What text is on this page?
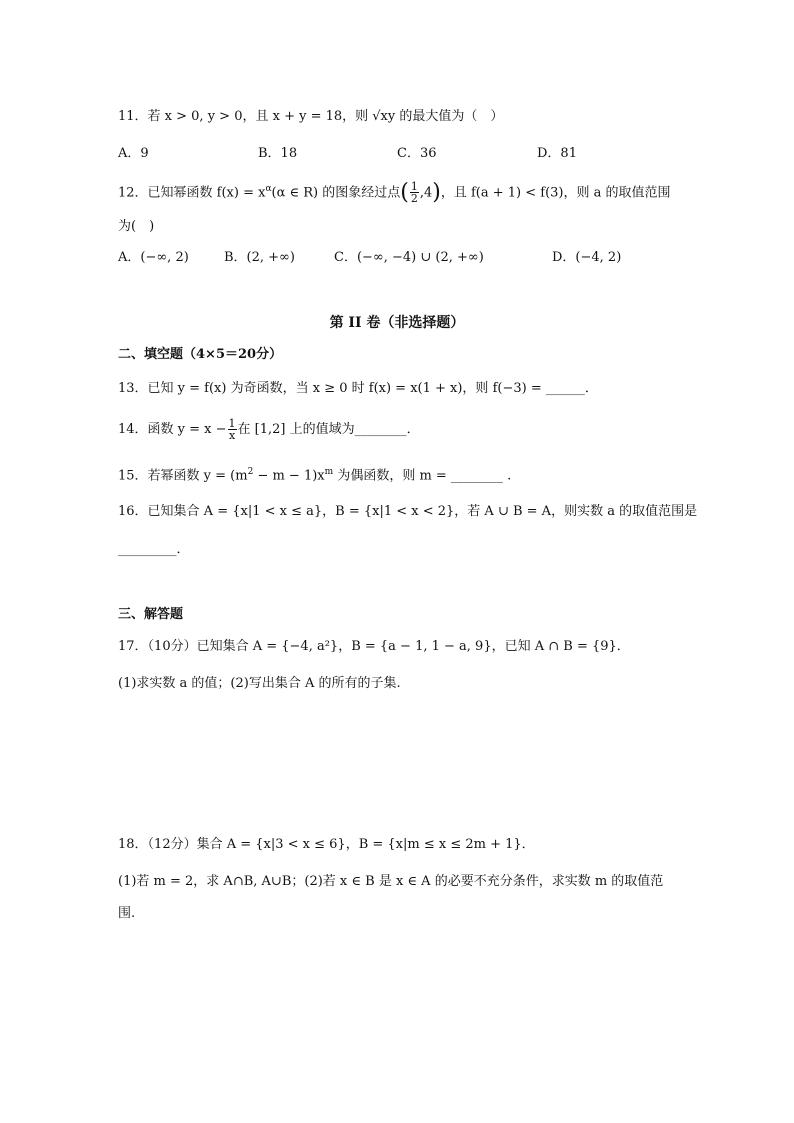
11．若 x > 0, y > 0，且 x + y = 18，则 √xy 的最大值为（　）
A．9	B．18	C．36	D．81
12．已知幂函数 $f(x) = x^\alpha(\alpha$ ∈ R) 的图象经过点( $\frac{1}{2} ,4$)，且 f(a + 1) < f(3)，则 a 的取值范围
为(　)
A．(−∞, 2)	B．(2, +∞)	C．(−∞, −4) ∪ (2, +∞)	D．(−4, 2)
第 II 卷（非选择题）
二、填空题（4×5＝20分）
13．已知 y = f(x) 为奇函数，当 x ≥ 0 时 f(x) = x(1 + x)，则 f(−3) = ______．
14．函数 $y = x - \frac{1}{x}$ 在 [1,2] 上的值域为________．
15．若幂函数 $y = (m^2 - m - 1)x^m$ 为偶函数，则 m = ________ .
16．已知集合 A = {x|1 < x ≤ a}，B = {x|1 < x < 2}，若 A ∪ B = A，则实数 a 的取值范围是
_________．
三、解答题
17．（10分）已知集合 A = {−4, a²}，B = {a − 1, 1 − a, 9}，已知 A ∩ B = {9}．
(1)求实数 a 的值；(2)写出集合 A 的所有的子集.
18．（12分）集合 A = {x|3 < x ≤ 6}，B = {x|m ≤ x ≤ 2m + 1}．
(1)若 m = 2，求 A∩B, A∪B；(2)若 x ∈ B 是 x ∈ A 的必要不充分条件，求实数 m 的取值范
围.
